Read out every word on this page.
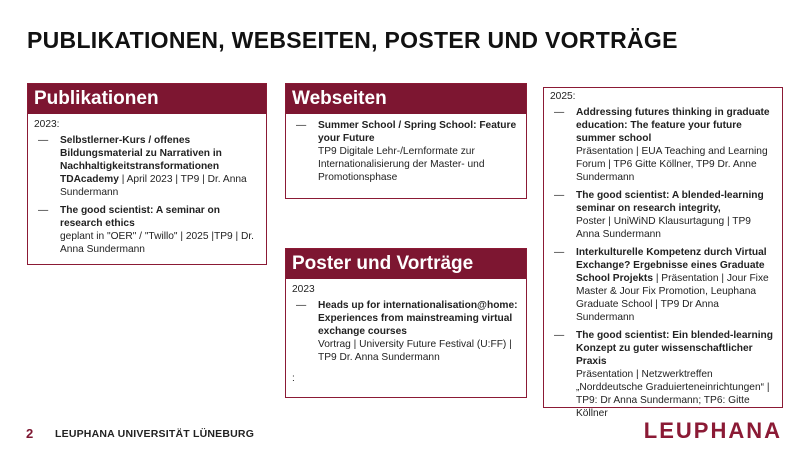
PUBLIKATIONEN, WEBSEITEN, POSTER UND VORTRÄGE
Publikationen
2023:
— Selbstlerner-Kurs / offenes Bildungsmaterial zu Narrativen in Nachhaltigkeitstransformationen TDAcademy | April 2023 | TP9 | Dr. Anna Sundermann
— The good scientist: A seminar on research ethics
geplant in "OER" / "Twillo" | 2025 |TP9 | Dr. Anna Sundermann
Webseiten
— Summer School / Spring School: Feature your Future
TP9 Digitale Lehr-/Lernformate zur Internationalisierung der Master- und Promotionsphase
Poster und Vorträge
2023
— Heads up for internationalisation@home: Experiences from mainstreaming virtual exchange courses
Vortrag | University Future Festival (U:FF) | TP9 Dr. Anna Sundermann
:
2025:
— Addressing futures thinking in graduate education: The feature your future summer school
Präsentation | EUA Teaching and Learning Forum | TP6 Gitte Köllner, TP9 Dr. Anne Sundermann
— The good scientist: A blended-learning seminar on research integrity,
Poster | UniWiND Klausurtagung | TP9 Anna Sundermann
— Interkulturelle Kompetenz durch Virtual Exchange? Ergebnisse eines Graduate School Projekts | Präsentation | Jour Fixe Master & Jour Fix Promotion, Leuphana Graduate School | TP9 Dr Anna Sundermann
— The good scientist: Ein blended-learning Konzept zu guter wissenschaftlicher Praxis
Präsentation | Netzwerktreffen „Norddeutsche Graduierteneinrichtungen“ | TP9: Dr Anna Sundermann; TP6: Gitte Köllner
2 LEUPHANA UNIVERSITÄT LÜNEBURG	LEUPHANA
